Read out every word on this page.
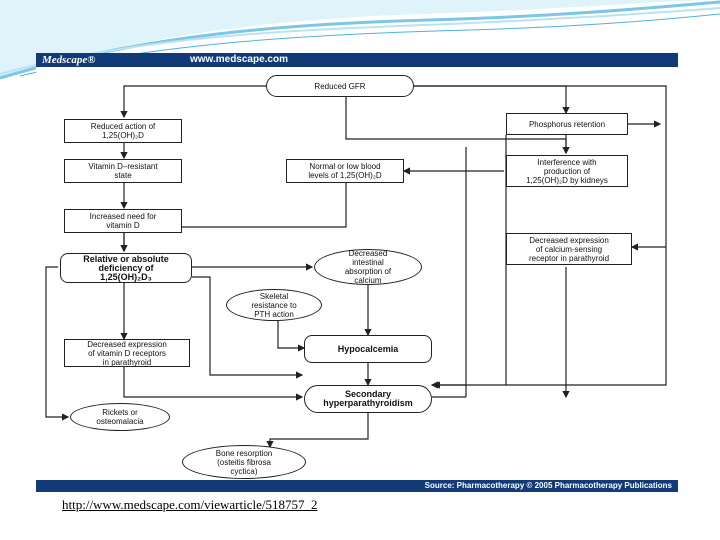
Medscape®	www.medscape.com
Reduced GFR
Reduced action of
1,25(OH)₂D
Phosphorus retention
Vitamin D–resistant
state
Normal or low blood
levels of 1,25(OH)₂D
Interference with
production of
1,25(OH)₂D by kidneys
Increased need for
vitamin D
Decreased expression
of calcium-sensing
receptor in parathyroid
Relative or absolute
deficiency of
1,25(OH)₂D₃
Decreased
intestinal
absorption of
calcium
Skeletal
resistance to
PTH action
Decreased expression
of vitamin D receptors
in parathyroid
Hypocalcemia
Secondary
hyperparathyroidism
Rickets or
osteomalacia
Bone resorption
(osteitis fibrosa
cyctica)
Source: Pharmacotherapy © 2005 Pharmacotherapy Publications
http://www.medscape.com/viewarticle/518757_2
